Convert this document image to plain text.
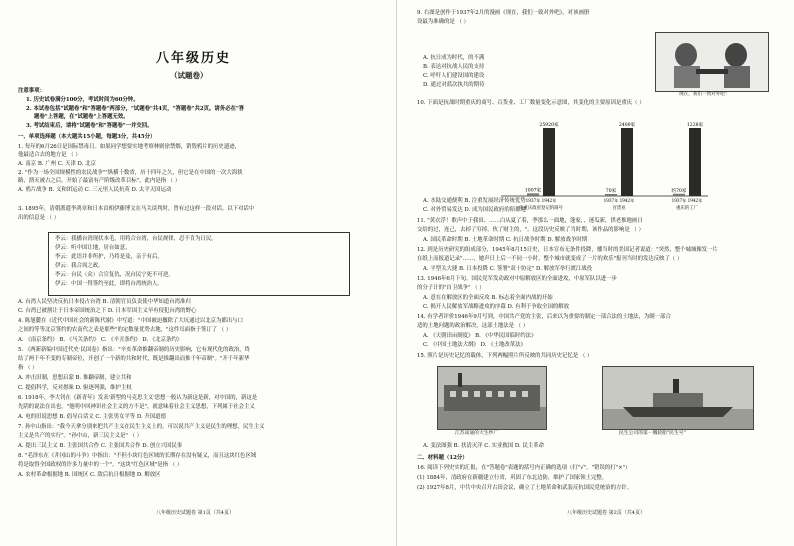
八年级历史
（试题卷）
注意事项：
1. 历史试卷满分100分，考试时间为60分钟。
2. 本试卷包括"试题卷"和"答题卷"两部分，"试题卷"共4页，"答题卷"共2页。请务必在"答
题卷"上答题，在"试题卷"上答题无效。
3. 考试结束后，请将"试题卷"和"答题卷"一并交回。
一、单项选择题（本大题共15小题，每题3分，共45分）
1. 每年的6月26日是国际禁毒日。如果同学想要实地考察林则徐禁烟，销毁鸦片的历史遗迹，
他最适合去的地方是 （ ）
A. 南京 B. 广州 C. 天津 D. 北京
2. "作为一场全国规模性的农民战争""纵横十数省，历十四年之久，但它是在中国的一次大海狭
路，溃灭被占之后，开始了最富有产阶级改革目标"，此内是指 （ ）
A. 鸦片战争 B. 义和团运动 C. 三元里人民抗英 D. 太平天国运动
3. 1895年，清朝派遣李鸿章和日本首相伊藤博文在马关谈判时，曾有过这样一段对话。以下对话中
出的信息是 （ ）
李云：我播台湾现状本毛，用将合台湾，台民规律，忍不肯为日民。
伊云：听中国让地，居台如意。
李云：此语并非所护，乃将是及，亲于有后。
伊云：我合周之政。
李云：台民（众）合宣复仇，况台民宁死不可逆，
伊云：中国一得签约至此，即将台湾统治人。
A. 台湾人民坚决反抗日本侵占台湾 B. 清朝官员负责使中华知道台湾准归
C. 台湾已被割让于日本帝国统治之下 D. 日本军国主义早有侵犯台湾的野心
4. 陈旭麓在《近代中国社会的新陈代谢》中写道："中国被迫撤除了大坑通过以北京为都出与口
之间的等等北京签约的农南代之表是那些"的定数量优势去地，"这件耳面指于签订了 （ ）
A. 《南京条约》 B. 《马关条约》 C. 《辛丑条约》 D. 《北京条约》
5. 《两新新编中国近代史·民国卷》指出："辛亥革命推翻帝制的历史影响，它有现代化的政治，终
结了两千年不变的专制帝位，开创了一个新的共和时代，既是推翻出而推千年帝制"。"开千年新华
指 （ ）
A. 冲击旧制，思想启蒙 B. 推翻帝制，建立共和
C. 提倡科学，反对愚昧 D. 驱逐列强，维护主权
6. 1918年，李大钊在《新青年》发表'新型的马克思主义'思想一般认为新这是新，对中国的，新这是
先阴的说法在出也，"他明中回神识社会主义的方不是"，就意味着社会主义思想，下列属于社会主义
A. 电的旧说思想 B. 倡导白话文 C. 主张男女平等 D. 升国道德
7. 孙中山指出："我今天拿分别来把共产主义在民生主义上的，可以说共产主义是民生的理想，民生主义
主义是共产的实行"。"孙中山，新三民主义是" （ ）
A. 提出三民主义 B. 主张国共合作 C. 主张国共合作 D. 创立兴国民事
8. "毛泽东在《井冈山的斗争》中指出："不但小块红色区域的长期存在没有疑义，而且这块红色区域
将是取得全国政权的许多力量中的一个"，"这块"红色区域"是指 （ ）
A. 农村革命根据地 B. 国统区 C. 敌后抗日根据地 D. 解放区
八年级历史试题卷 第1页（共4页）
9. 右图是创作于1937年2月的漫画《现在，我们一致对外吧》，对该画册
设最为准确的是 （ ）
A. 抗日成为时代，的不满
B. 表达对抗战人民的支持
C. 呼吁人们建设国的建设
D. 通过对蓝次执共的期待
现在，我们一致对外吧！
10. 下面是抗战时期重庆的商号、百货业、工厂数量变化示意图，其变化的主要原因是重庆（ ）
1007家
1937年
25920家
1942年
向重庆政府登记的商号
70家
1937年
2400家
1942年
百货业
约70家
1937年
1228家
1942年
重庆的工厂
A. 水陆交通便利 B. 注重发展经济传统优势
C. 对外贸易发达 D. 成为国民政府的陪都地
11. "黄衣浮！歌声中于我田、……白从夏了着，季那么一面地，蓬家，，迷瓜新，拱老推地画日
交给的过，连己，去掉了穷掉，伙了财主的，"。这段历史反映了当时期，该作品的影响是 （ ）
A. 国民革命时期 B. 土地革命时期 C. 抗日战争时期 D. 解放战争时期
12. 到是历史研究的组成部分，1945年8月15日史，日本宣布无条件投降，播当时的美国记者说道："突然，整个城城像发一片
在纸上而报道记录"……，她声日上后一不同一小时，整个城市就变成了一片的欢乐"报刊当时的发达反映了（ ）
A. 平型关大捷 B. 日本投降 C. 签署"双十协定" D. 解放军举行渡江战役
13. 1946年6月下旬，国民党军发动政对中原解放区的全面进攻，中原军队以进一步
的分子计的"自卫战争" （ ）
A. 意在在解放区的全面反攻 B. 标志着全面内战的开始
C. 揭开人民解放军战略进攻的序幕 D. 有利于争取全国的解放
14. 有学者评价1946年9月写到，中国共产党的主张，后来以为重要的制定一部合法的土地法，为制一部合
适的土地问题的政治解决，这部土地法是 （ ）
A. 《天朝田亩制度》 B. 《中华民国临时约法》
C. 《中国土地法大纲》 D. 《土地改革法》
15. 照片是历史记忆的载体，下列两幅照片所反映的共同历史记忆是 （ ）
江苏南通的大生纱厂	民生公司的第一艘轮船"民生号"
A. 变法图强 B. 扶清灭洋 C. 实业救国 D. 民主革命
二、材料题（12分）
16. 阅读下列史实的汇报，在"答题卷"表题的括号内正确的选项（打"√"，"错误的打"×"）
(1) 1884年，清政府在新疆建立行省，巩固了东北边防，维护了国家领土完整。
(2) 1927年8月，中共中央召开古田会议，确立了土地革命和武装反抗国民党统治的方针。
八年级历史试题卷 第2页（共4页）
